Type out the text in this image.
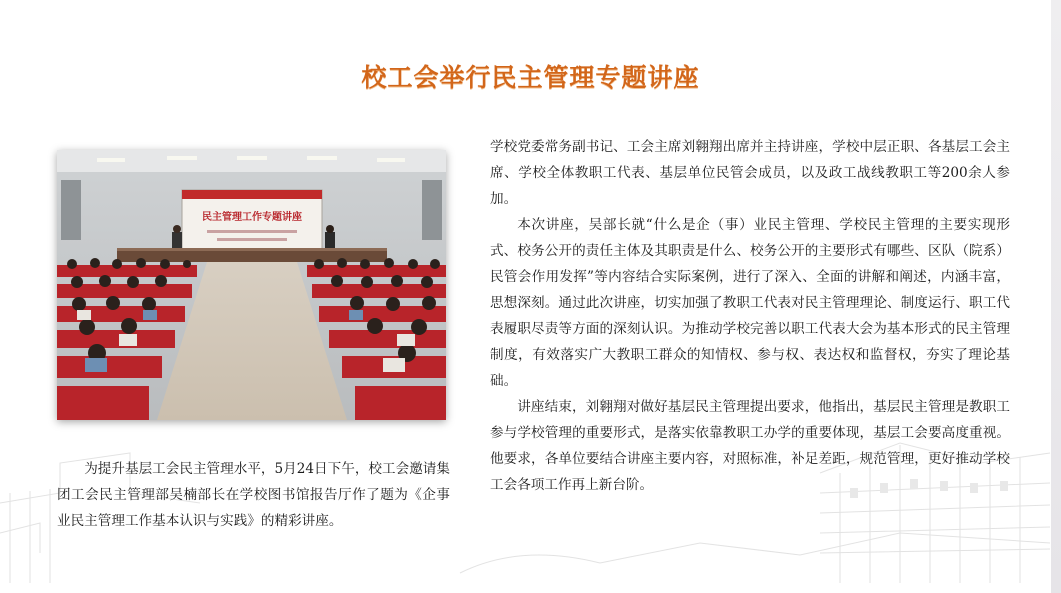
校工会举行民主管理专题讲座
民主管理工作专题讲座

为提升基层工会民主管理水平，5月24日下午，校工会邀请集团工会民主管理部吴楠部长在学校图书馆报告厅作了题为《企事业民主管理工作基本认识与实践》的精彩讲座。

学校党委常务副书记、工会主席刘翱翔出席并主持讲座，学校中层正职、各基层工会主席、学校全体教职工代表、基层单位民管会成员，以及政工战线教职工等200余人参加。

本次讲座，吴部长就“什么是企（事）业民主管理、学校民主管理的主要实现形式、校务公开的责任主体及其职责是什么、校务公开的主要形式有哪些、区队（院系）民管会作用发挥”等内容结合实际案例，进行了深入、全面的讲解和阐述，内涵丰富，思想深刻。通过此次讲座，切实加强了教职工代表对民主管理理论、制度运行、职工代表履职尽责等方面的深刻认识。为推动学校完善以职工代表大会为基本形式的民主管理制度，有效落实广大教职工群众的知情权、参与权、表达权和监督权，夯实了理论基础。

讲座结束，刘翱翔对做好基层民主管理提出要求，他指出，基层民主管理是教职工参与学校管理的重要形式，是落实依靠教职工办学的重要体现，基层工会要高度重视。他要求，各单位要结合讲座主要内容，对照标准，补足差距，规范管理，更好推动学校工会各项工作再上新台阶。
